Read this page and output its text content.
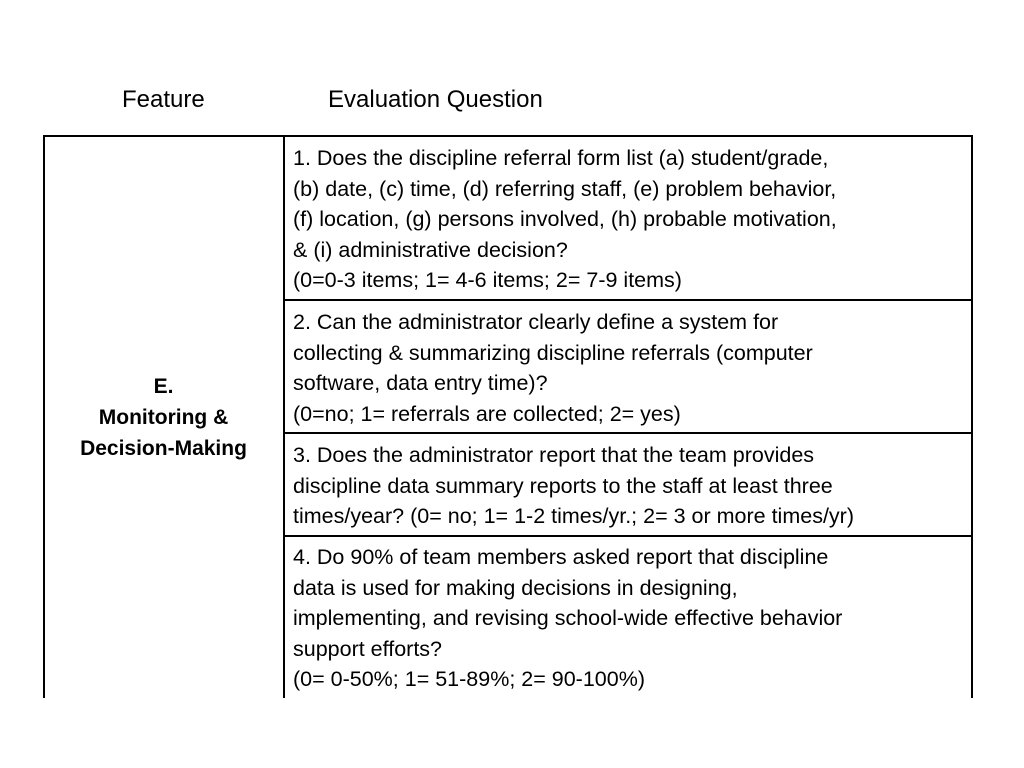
Feature	Evaluation Question
E.
Monitoring &
Decision-Making
1. Does the discipline referral form list (a) student/grade,
(b) date, (c) time, (d) referring staff, (e) problem behavior,
(f) location, (g) persons involved, (h) probable motivation,
& (i) administrative decision?
(0=0-3 items; 1= 4-6 items; 2= 7-9 items)
2. Can the administrator clearly define a system for
collecting & summarizing discipline referrals (computer
software, data entry time)?
(0=no; 1= referrals are collected; 2= yes)
3. Does the administrator report that the team provides
discipline data summary reports to the staff at least three
times/year? (0= no; 1= 1-2 times/yr.; 2= 3 or more times/yr)
4. Do 90% of team members asked report that discipline
data is used for making decisions in designing,
implementing, and revising school-wide effective behavior
support efforts?
(0= 0-50%; 1= 51-89%; 2= 90-100%)
